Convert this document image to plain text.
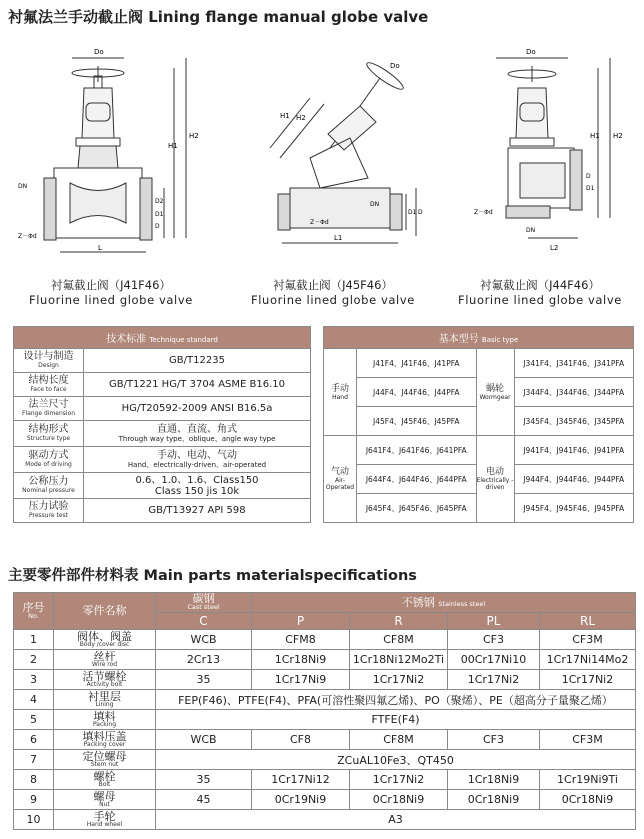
衬氟法兰手动截止阀 Lining flange manual globe valve
Do
H1
H2
D2
D1
D
DN
Z－Φd
L
Do
H1 H2
DN
D1 D
Z－Φd
L1
Do
H1 H2
D
D1
DN
Z－Φd
L2
衬氟截止阀（J41F46）
Fluorine lined globe valve
衬氟截止阀（J45F46）
Fluorine lined globe valve
衬氟截止阀（J44F46）
Fluorine lined globe valve
技术标准 Technique standard	
设计与制造
Design	GB/T12235
结构长度
Face to face	GB/T1221 HG/T 3704 ASME B16.10
法兰尺寸
Flange dimension	HG/T20592-2009 ANSI B16.5a
结构形式
Structure type	直通、直流、角式
Through way type、oblique、angle way type

驱动方式
Mode of driving	手动、电动、气动
Hand、electrically-driven、air-operated

公称压力
Nominal pressure	0.6、1.0、1.6、Class150
Class 150 jis 10k

压力试验
Pressure test	GB/T13927 API 598
基本型号 Basic type			
手动
Hand	J41F4、J41F46、J41PFA	蜗轮
Wormgear	J341F4、J341F46、J341PFA
	J44F4、J44F46、J44PFA		J344F4、J344F46、J344PFA
	J45F4、J45F46、J45PFA		J345F4、J345F46、J345PFA
气动
Air-Operated	J641F4、J641F46、J641PFA	电动
Electrically -driven	J941F4、J941F46、J941PFA
	J644F4、J644F46、J644PFA		J944F4、J944F46、J944PFA
	J645F4、J645F46、J645PFA		J945F4、J945F46、J945PFA
主要零件部件材料表 Main parts materialspecifications
序号
No.	零件名称	碳钢
Cast steel	不锈钢 Stainless steel			
		C	P	R	PL	RL
1	阀体、阀盖
Body /cover disc	WCB	CFM8	CF8M	CF3	CF3M
2	丝杆
Wire rod	2Cr13	1Cr18Ni9	1Cr18Ni12Mo2Ti	00Cr17Ni10	1Cr17Ni14Mo2
3	活节螺栓
Activity bolt	35	1Cr17Ni9	1Cr17Ni2	1Cr17Ni2	1Cr17Ni2
4	衬里层
Lining	FEP(F46)、PTFE(F4)、PFA(可溶性聚四氟乙烯)、PO（聚烯）、PE（超高分子量聚乙烯）				
5	填料
Packing	FTFE(F4)				
6	填料压盖
Packing cover	WCB	CF8	CF8M	CF3	CF3M
7	定位螺母
Stem nut	ZCuAL10Fe3、QT450				
8	螺栓
Bolt	35	1Cr17Ni12	1Cr17Ni2	1Cr18Ni9	1Cr19Ni9Ti
9	螺母
Nut	45	0Cr19Ni9	0Cr18Ni9	0Cr18Ni9	0Cr18Ni9
10	手轮
Hand wheel	A3				
